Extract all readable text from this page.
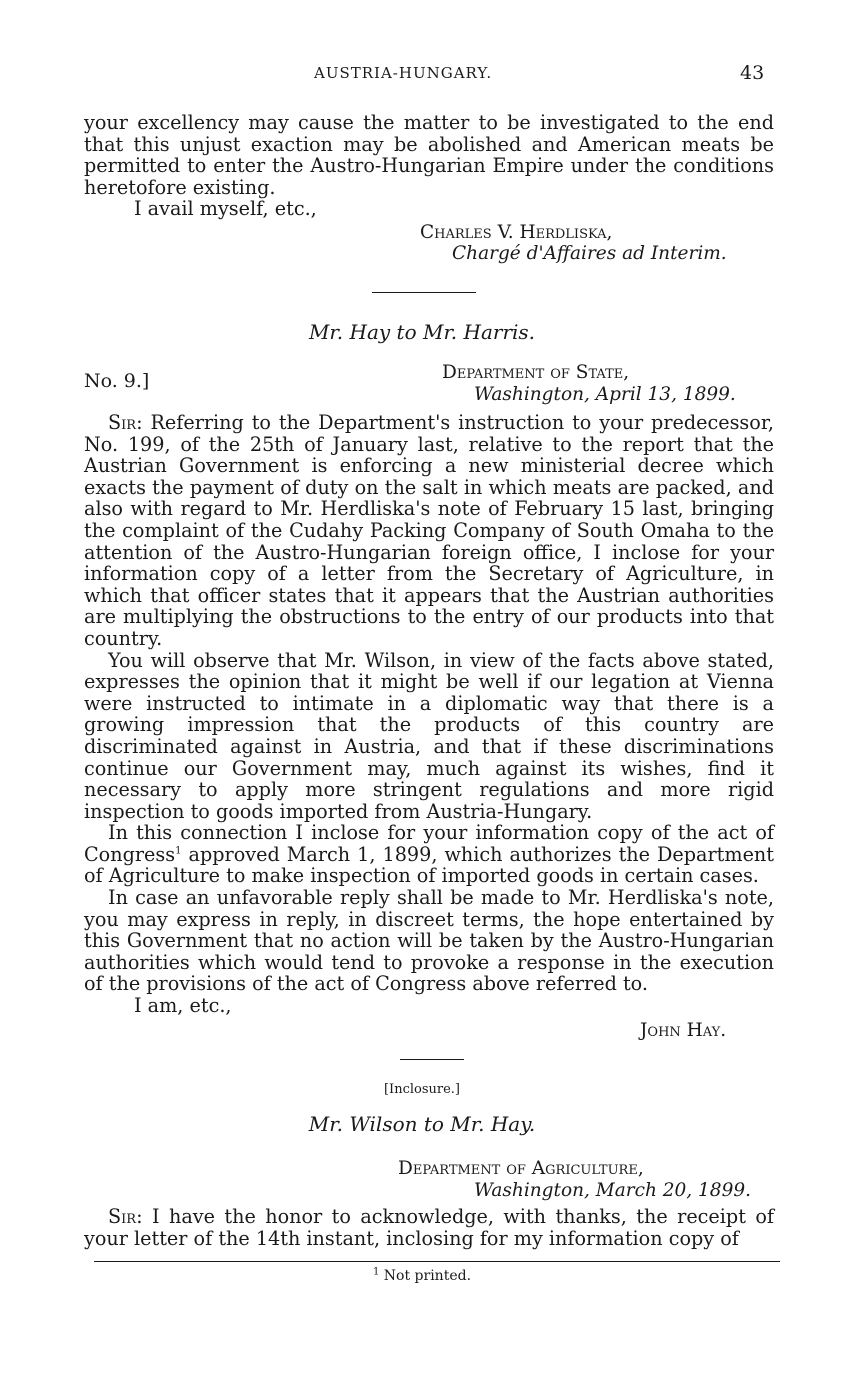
AUSTRIA-HUNGARY.	43

your excellency may cause the matter to be investigated to the end that this unjust exaction may be abolished and American meats be permitted to enter the Austro-Hungarian Empire under the conditions heretofore existing.

I avail myself, etc.,

Charles V. Herdliska,
Chargé d'Affaires ad Interim.
Mr. Hay to Mr. Harris.
No. 9.]	Department of State,
Washington, April 13, 1899.

Sir: Referring to the Department's instruction to your predecessor, No. 199, of the 25th of January last, relative to the report that the Austrian Government is enforcing a new ministerial decree which exacts the payment of duty on the salt in which meats are packed, and also with regard to Mr. Herdliska's note of February 15 last, bringing the complaint of the Cudahy Packing Company of South Omaha to the attention of the Austro-Hungarian foreign office, I inclose for your information copy of a letter from the Secretary of Agriculture, in which that officer states that it appears that the Austrian authorities are multiplying the obstructions to the entry of our products into that country.

You will observe that Mr. Wilson, in view of the facts above stated, expresses the opinion that it might be well if our legation at Vienna were instructed to intimate in a diplomatic way that there is a growing impression that the products of this country are discriminated against in Austria, and that if these discriminations continue our Government may, much against its wishes, find it necessary to apply more stringent regulations and more rigid inspection to goods imported from Austria-Hungary.

In this connection I inclose for your information copy of the act of Congress$^1$ approved March 1, 1899, which authorizes the Department of Agriculture to make inspection of imported goods in certain cases.

In case an unfavorable reply shall be made to Mr. Herdliska's note, you may express in reply, in discreet terms, the hope entertained by this Government that no action will be taken by the Austro-Hungarian authorities which would tend to provoke a response in the execution of the provisions of the act of Congress above referred to.

I am, etc.,

John Hay.
[Inclosure.]
Mr. Wilson to Mr. Hay.
Department of Agriculture,
Washington, March 20, 1899.

Sir: I have the honor to acknowledge, with thanks, the receipt of your letter of the 14th instant, inclosing for my information copy of

$^1$ Not printed.
